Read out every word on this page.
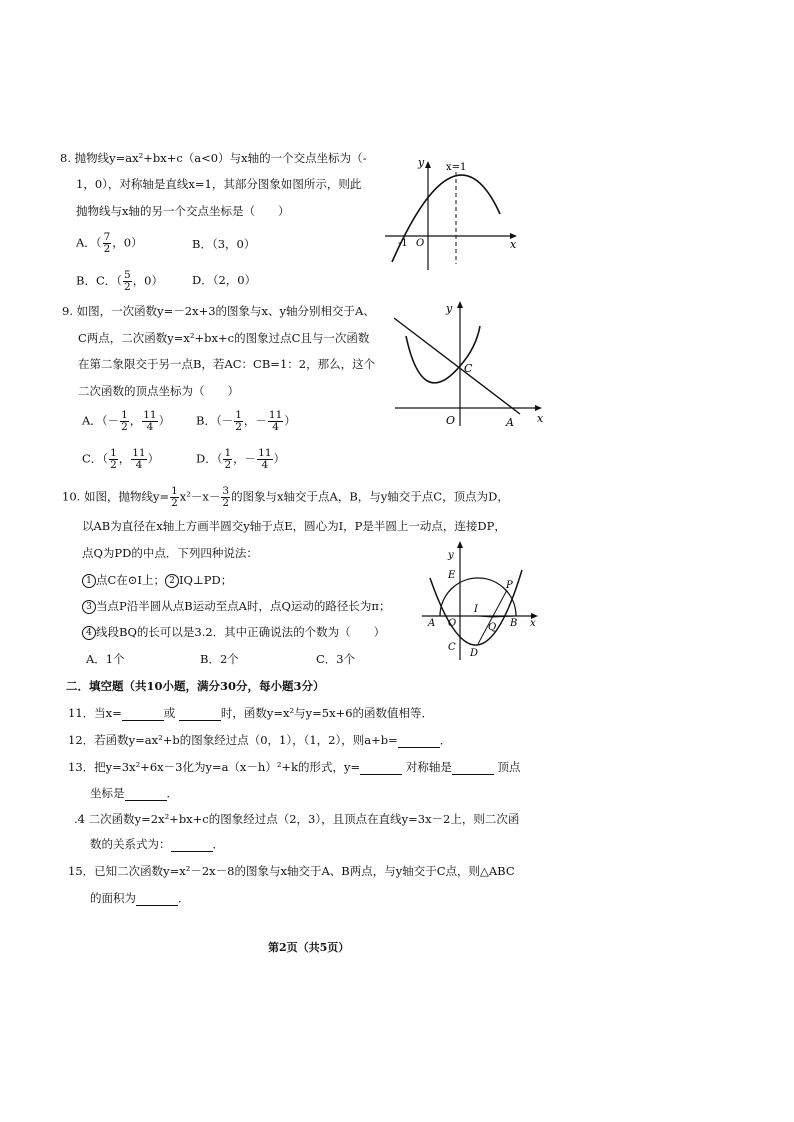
8. 抛物线y=ax²+bx+c（a<0）与x轴的一个交点坐标为（-
1，0），对称轴是直线x=1，其部分图象如图所示，则此
抛物线与x轴的另一个交点坐标是（　　）
A．（ $\frac{7}{2}$ ，0）	B．（3，0）
B．C．（ $\frac{5}{2}$ ，0）	D．（2，0）
y
x
x=1
-1 O
9. 如图，一次函数y=－2x+3的图象与x、y轴分别相交于A、
C两点，二次函数y=x²+bx+c的图象过点C且与一次函数
在第二象限交于另一点B，若AC：CB=1：2，那么，这个
二次函数的顶点坐标为（　　）
A．（－ $\frac{1}{2}$ ， $\frac{11}{4}$ ） B．（－ $\frac{1}{2}$ ，－ $\frac{11}{4}$ ）
C．（ $\frac{1}{2}$ ， $\frac{11}{4}$ ）	D．（ $\frac{1}{2}$ ，－ $\frac{11}{4}$ ）
y
x
C
O	A
10. 如图，抛物线$y= \frac{1}{2} x^2-x- \frac{3}{2}$ 的图象与x轴交于点A，B，与y轴交于点C，顶点为D，
以AB为直径在x轴上方画半圆交y轴于点E，圆心为I，P是半圆上一动点，连接DP，
点Q为PD的中点．下列四种说法：
1 点C在⊙I上； 2 IQ⊥PD；
3 当点P沿半圆从点B运动至点A时，点Q运动的路径长为π；
4 线段BQ的长可以是3.2．其中正确说法的个数为（　　）
A．1个	B．2个	C．3个
y
x
E
P
A O
I
Q B
C
D
二．填空题（共10小题，满分30分，每小题3分）
11．当x=	或	时，函数y=x²与y=5x+6的函数值相等．
12．若函数y=ax²+b的图象经过点（0，1），（1，2），则a+b=	．
13．把y=3x²+6x－3化为y=a（x－h）²+k的形式，y=	对称轴是	顶点
坐标是	．
.4 二次函数y=2x²+bx+c的图象经过点（2，3），且顶点在直线y=3x－2上，则二次函
数的关系式为：	．
15．已知二次函数y=x²－2x－8的图象与x轴交于A、B两点，与y轴交于C点，则△ABC
的面积为	．
第2页（共5页）
